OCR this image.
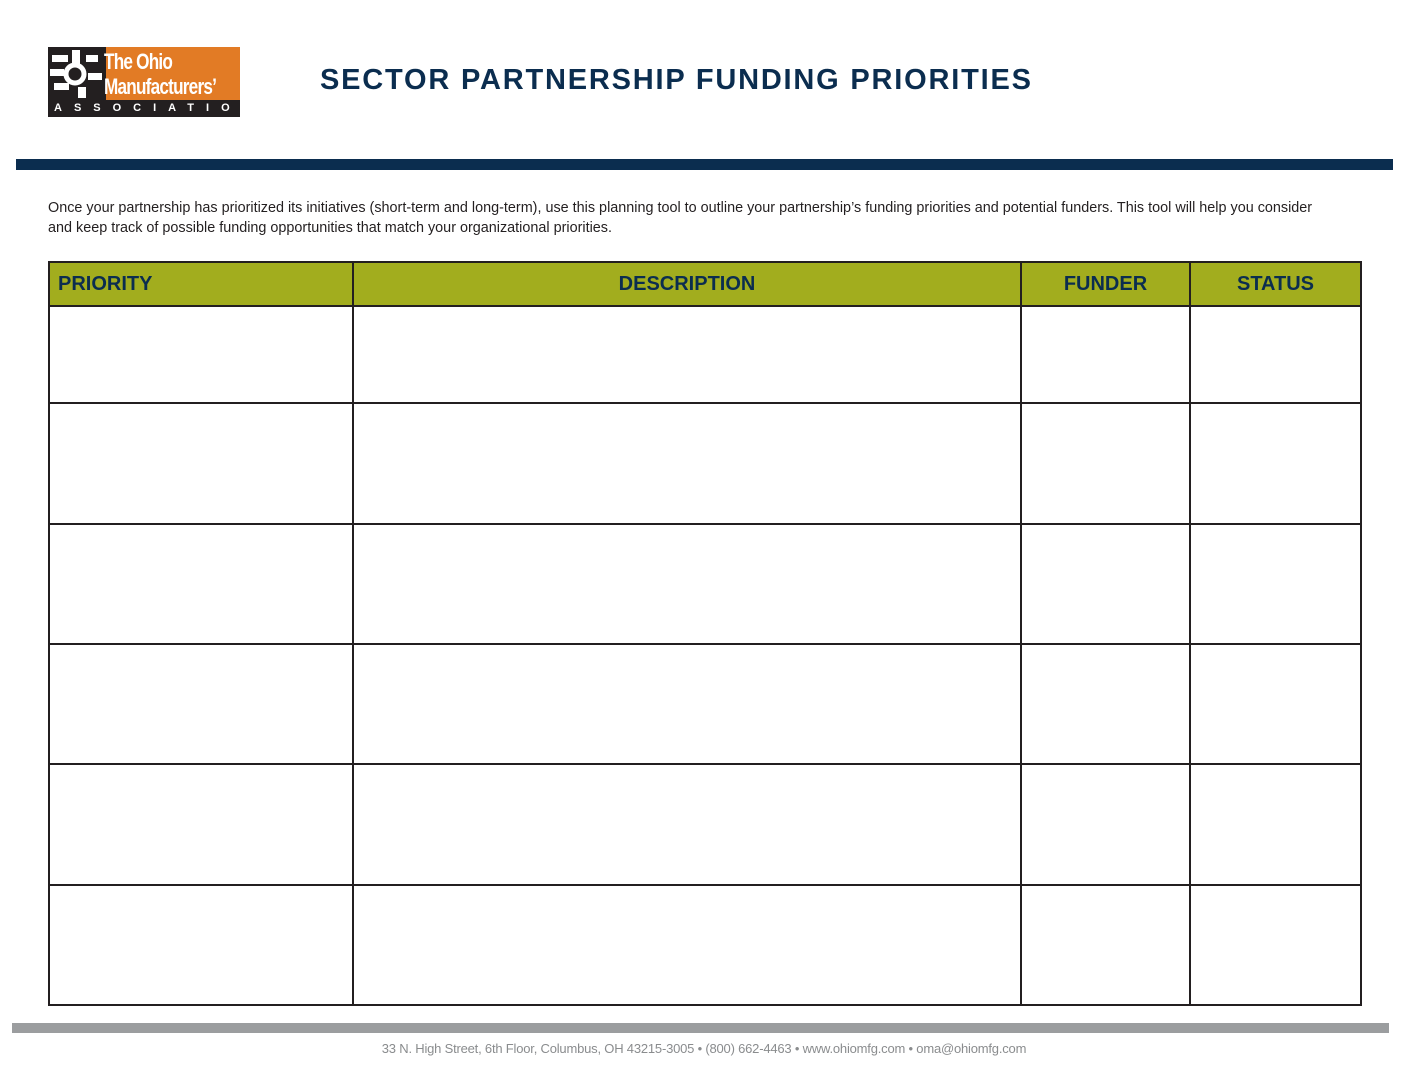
The Ohio
Manufacturers’
ASSOCIATION
SECTOR PARTNERSHIP FUNDING PRIORITIES
Once your partnership has prioritized its initiatives (short-term and long-term), use this planning tool to outline your partnership’s funding priorities and potential funders. This tool will help you consider and keep track of possible funding opportunities that match your organizational priorities.
PRIORITY	DESCRIPTION	FUNDER	STATUS

33 N. High Street, 6th Floor, Columbus, OH 43215-3005 • (800) 662-4463 • www.ohiomfg.com • oma@ohiomfg.com
